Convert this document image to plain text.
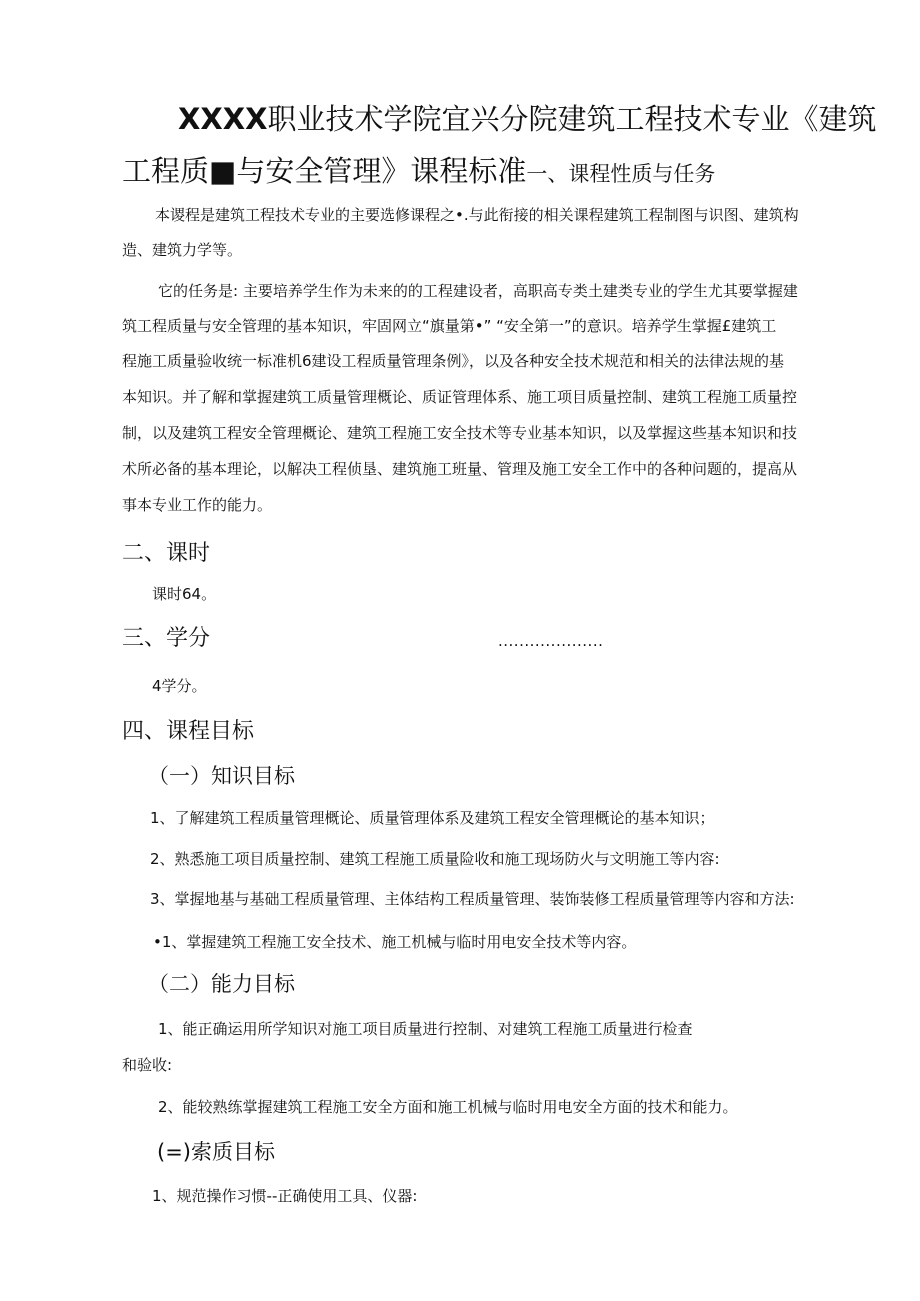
XXXX职业技术学院宜兴分院建筑工程技术专业《建筑
工程质■与安全管理》课程标准一、课程性质与任务
本谡程是建筑工程技术专业的主要选修课程之•.与此衔接的相关课程建筑工程制图与识图、建筑构
造、建筑力学等。
它的任务是: 主要培养学生作为未来的的工程建设者，高职高专类土建类专业的学生尤其要掌握建
筑工程质量与安全管理的基本知识，牢固网立“旗量第•” “安全第一”的意识。培养学生掌握£建筑工
程施工质量验收统一标准机6建设工程质量管理条例》，以及各种安全技术规范和相关的法律法规的基
本知识。并了解和掌握建筑工质量管理概论、质证管理体系、施工项目质量控制、建筑工程施工质量控
制，以及建筑工程安全管理概论、建筑工程施工安全技术等专业基本知识，以及掌握这些基本知识和技
术所必备的基本理论，以解决工程侦垦、建筑施工班量、管理及施工安全工作中的各种问题的，提高从
事本专业工作的能力。
二、课时
课时64。
三、学分	....................
4学分。
四、课程目标
（一）知识目标
1、了解建筑工程质量管理概论、质量管理体系及建筑工程安全管理概论的基本知识；
2、熟悉施工项目质量控制、建筑工程施工质量险收和施工现场防火与文明施工等内容:
3、掌握地基与基础工程质量管理、主体结构工程质量管理、装饰装修工程质量管理等内容和方法:
•1、掌握建筑工程施工安全技术、施工机械与临时用电安全技术等内容。
（二）能力目标
1、能正确运用所学知识对施工项目质量进行控制、对建筑工程施工质量进行检查
和验收:
2、能较熟练掌握建筑工程施工安全方面和施工机械与临时用电安全方面的技术和能力。
(=)索质目标
1、规范操作习惯--正确使用工具、仪器:
